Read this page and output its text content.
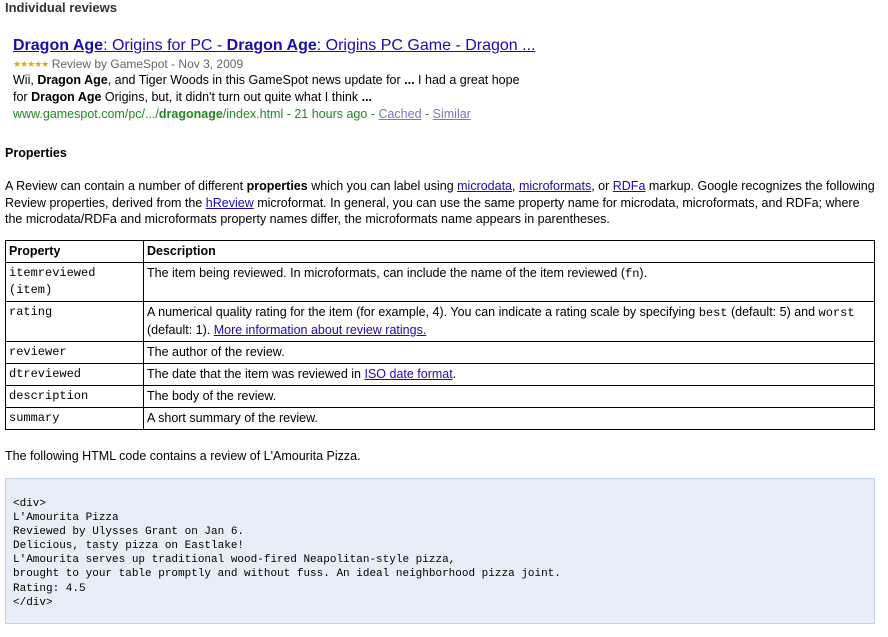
Individual reviews
Dragon Age: Origins for PC - Dragon Age: Origins PC Game - Dragon ...
★★★★★ Review by GameSpot - Nov 3, 2009
Wii, Dragon Age, and Tiger Woods in this GameSpot news update for ... I had a great hope
for Dragon Age Origins, but, it didn't turn out quite what I think ...
www.gamespot.com/pc/.../dragonage/index.html - 21 hours ago - Cached - Similar
Properties
A Review can contain a number of different properties which you can label using microdata, microformats, or RDFa markup. Google recognizes the following Review properties, derived from the hReview microformat. In general, you can use the same property name for microdata, microformats, and RDFa; where the microdata/RDFa and microformats property names differ, the microformats name appears in parentheses.
Property	Description
itemreviewed
(item)	The item being reviewed. In microformats, can include the name of the item reviewed (fn).
rating	A numerical quality rating for the item (for example, 4). You can indicate a rating scale by specifying best (default: 5) and worst (default: 1). More information about review ratings.
reviewer	The author of the review.
dtreviewed	The date that the item was reviewed in ISO date format.
description	The body of the review.
summary	A short summary of the review.
The following HTML code contains a review of L'Amourita Pizza.
<div>
L'Amourita Pizza
Reviewed by Ulysses Grant on Jan 6.
Delicious, tasty pizza on Eastlake!
L'Amourita serves up traditional wood-fired Neapolitan-style pizza,
brought to your table promptly and without fuss. An ideal neighborhood pizza joint.
Rating: 4.5
</div>
